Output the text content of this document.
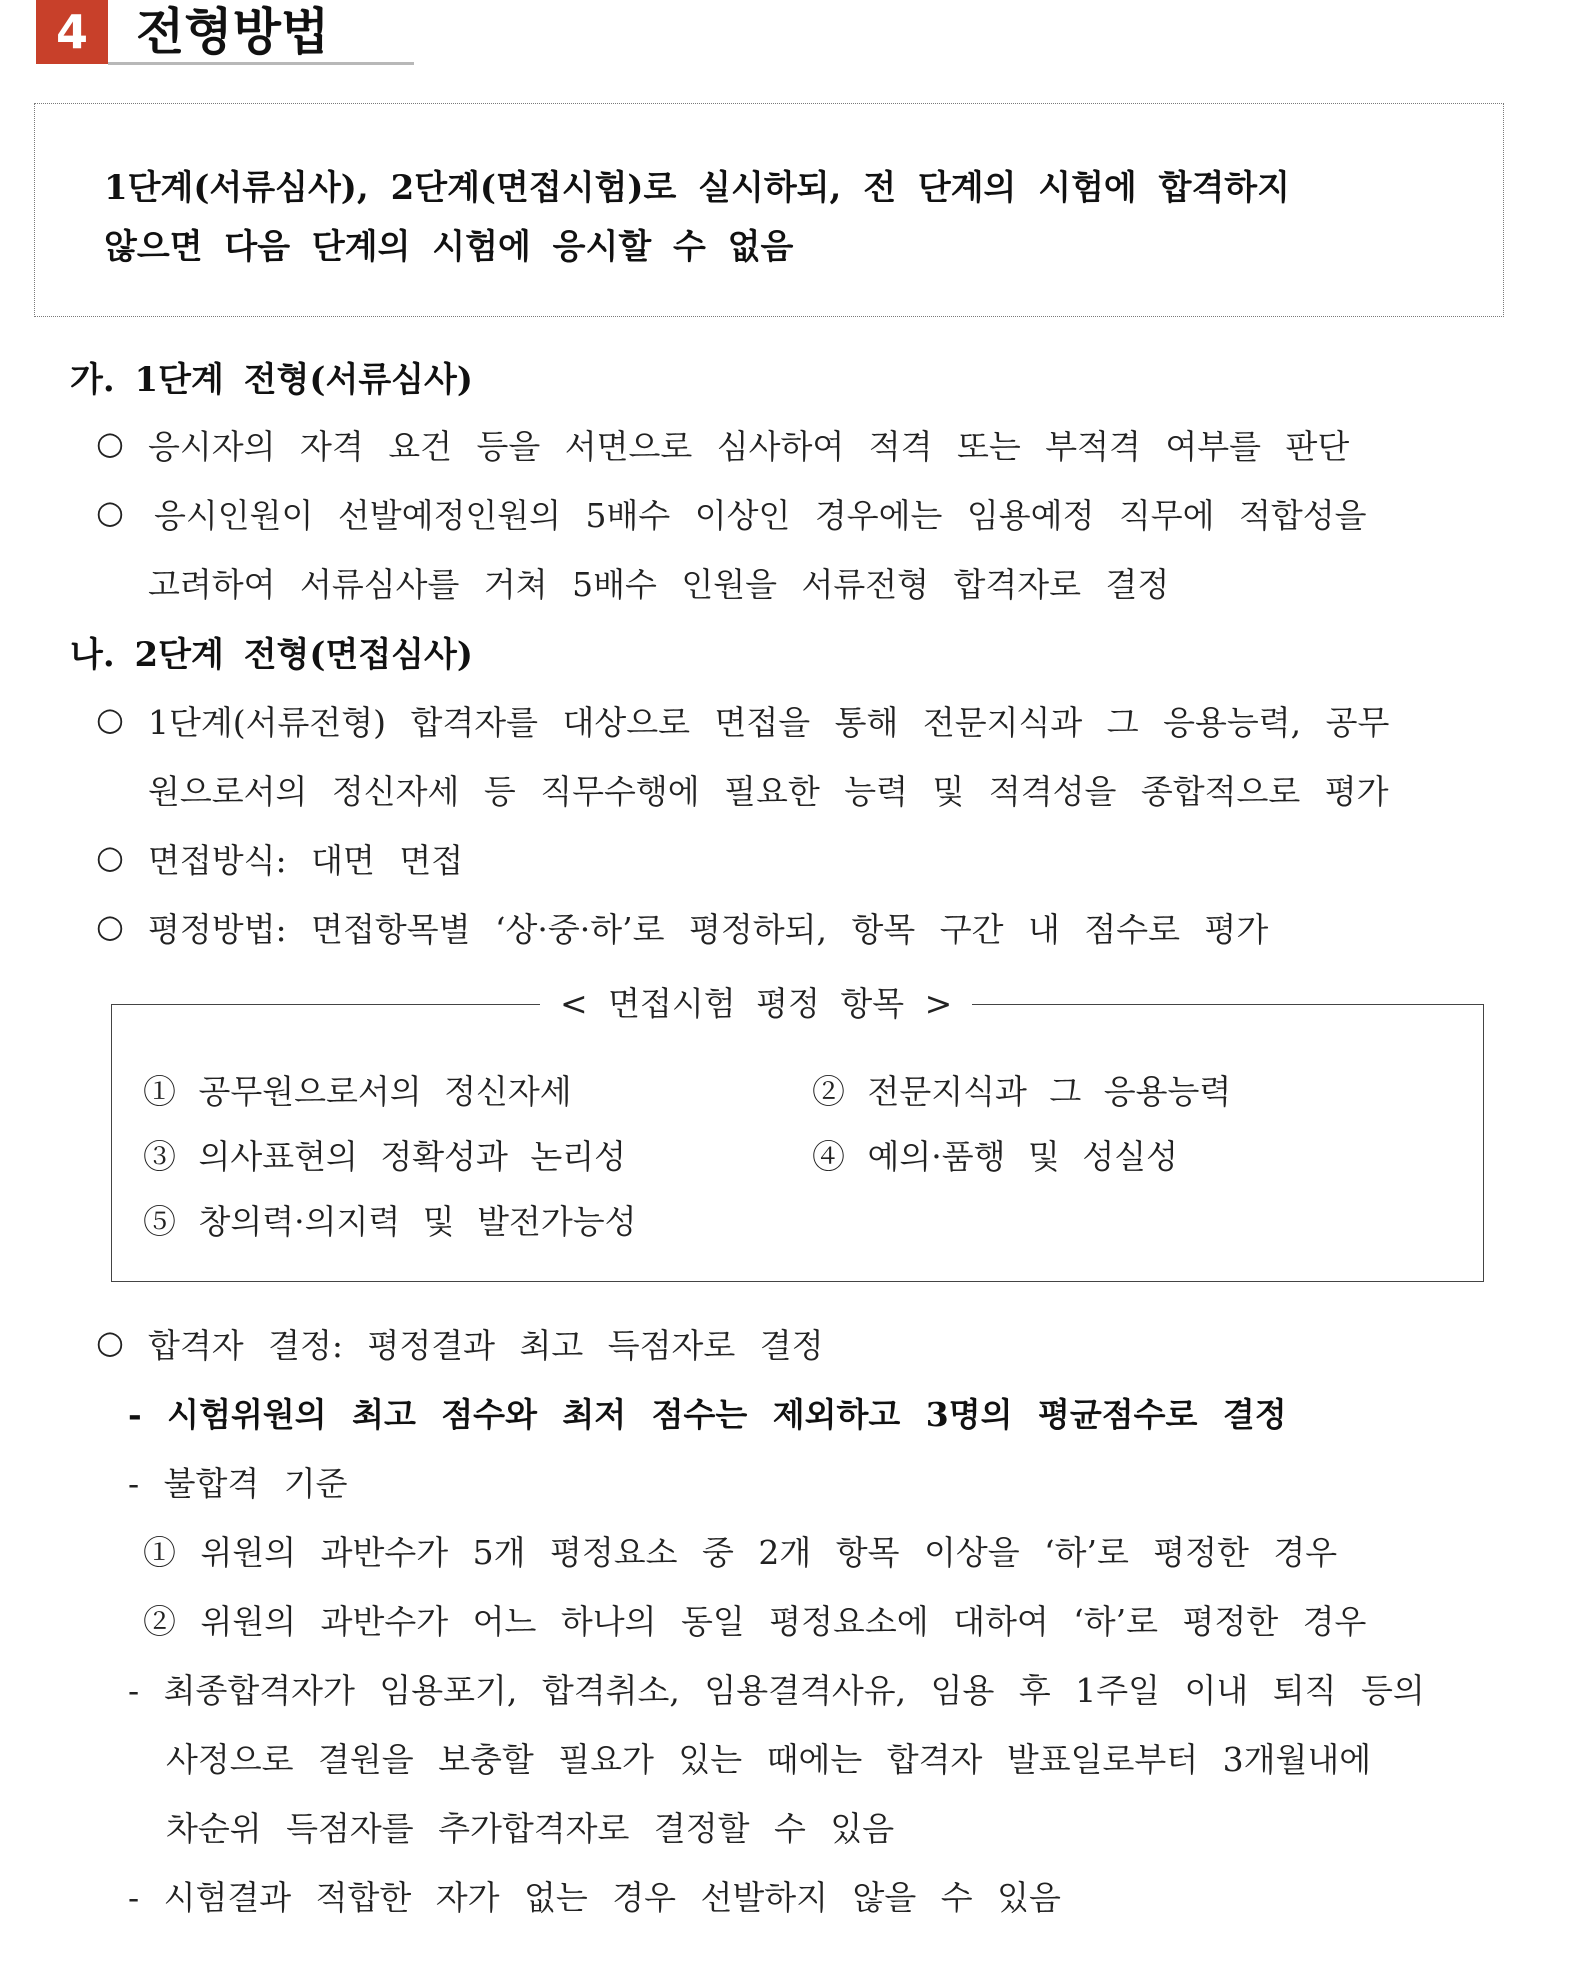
4 전형방법
1단계(서류심사), 2단계(면접시험)로 실시하되, 전 단계의 시험에 합격하지
않으면 다음 단계의 시험에 응시할 수 없음
가. 1단계 전형(서류심사)
○ 응시자의 자격 요건 등을 서면으로 심사하여 적격 또는 부적격 여부를 판단
○ 응시인원이 선발예정인원의 5배수 이상인 경우에는 임용예정 직무에 적합성을
고려하여 서류심사를 거쳐 5배수 인원을 서류전형 합격자로 결정
나. 2단계 전형(면접심사)
○ 1단계(서류전형) 합격자를 대상으로 면접을 통해 전문지식과 그 응용능력, 공무
원으로서의 정신자세 등 직무수행에 필요한 능력 및 적격성을 종합적으로 평가
○ 면접방식: 대면 면접
○ 평정방법: 면접항목별 ‘상·중·하’로 평정하되, 항목 구간 내 점수로 평가
< 면접시험 평정 항목 >
① 공무원으로서의 정신자세	② 전문지식과 그 응용능력
③ 의사표현의 정확성과 논리성	④ 예의·품행 및 성실성
⑤ 창의력·의지력 및 발전가능성
○ 합격자 결정: 평정결과 최고 득점자로 결정
- 시험위원의 최고 점수와 최저 점수는 제외하고 3명의 평균점수로 결정
- 불합격 기준
① 위원의 과반수가 5개 평정요소 중 2개 항목 이상을 ‘하’로 평정한 경우
② 위원의 과반수가 어느 하나의 동일 평정요소에 대하여 ‘하’로 평정한 경우
- 최종합격자가 임용포기, 합격취소, 임용결격사유, 임용 후 1주일 이내 퇴직 등의
사정으로 결원을 보충할 필요가 있는 때에는 합격자 발표일로부터 3개월내에
차순위 득점자를 추가합격자로 결정할 수 있음
- 시험결과 적합한 자가 없는 경우 선발하지 않을 수 있음
